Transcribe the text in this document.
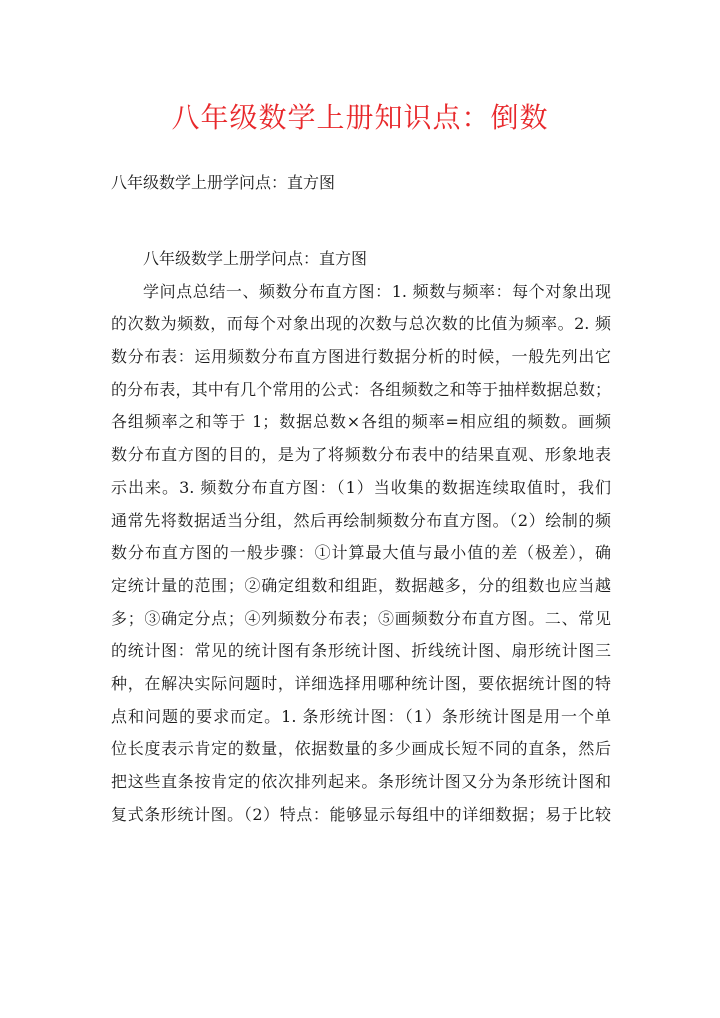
八年级数学上册知识点：倒数

八年级数学上册学问点：直方图

八年级数学上册学问点：直方图

学问点总结一、频数分布直方图：1. 频数与频率：每个对象出现

的次数为频数，而每个对象出现的次数与总次数的比值为频率。2. 频

数分布表：运用频数分布直方图进行数据分析的时候，一般先列出它

的分布表，其中有几个常用的公式：各组频数之和等于抽样数据总数；

各组频率之和等于 1；数据总数×各组的频率=相应组的频数。画频

数分布直方图的目的，是为了将频数分布表中的结果直观、形象地表

示出来。3. 频数分布直方图：（1）当收集的数据连续取值时，我们

通常先将数据适当分组，然后再绘制频数分布直方图。（2）绘制的频

数分布直方图的一般步骤：①计算最大值与最小值的差（极差），确

定统计量的范围；②确定组数和组距，数据越多，分的组数也应当越

多；③确定分点；④列频数分布表；⑤画频数分布直方图。二、常见

的统计图：常见的统计图有条形统计图、折线统计图、扇形统计图三

种，在解决实际问题时，详细选择用哪种统计图，要依据统计图的特

点和问题的要求而定。1. 条形统计图：（1）条形统计图是用一个单

位长度表示肯定的数量，依据数量的多少画成长短不同的直条，然后

把这些直条按肯定的依次排列起来。条形统计图又分为条形统计图和

复式条形统计图。（2）特点：能够显示每组中的详细数据；易于比较
